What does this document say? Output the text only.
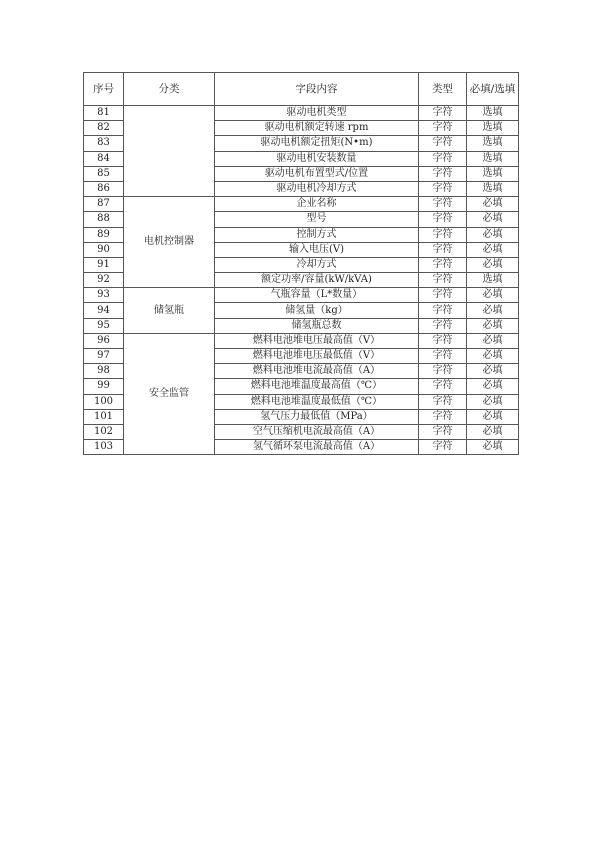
序号	分类	字段内容	类型	必填/选填
81		驱动电机类型	字符	选填
82		驱动电机额定转速 rpm	字符	选填
83		驱动电机额定扭矩(N•m)	字符	选填
84		驱动电机安装数量	字符	选填
85		驱动电机布置型式/位置	字符	选填
86		驱动电机冷却方式	字符	选填
87	电机控制器	企业名称	字符	必填
88		型号	字符	必填
89		控制方式	字符	必填
90		输入电压(V)	字符	必填
91		冷却方式	字符	必填
92		额定功率/容量(kW/kVA)	字符	选填
93	储氢瓶	气瓶容量（L*数量）	字符	必填
94		储氢量（kg）	字符	必填
95		储氢瓶总数	字符	必填
96	安全监管	燃料电池堆电压最高值（V）	字符	必填
97		燃料电池堆电压最低值（V）	字符	必填
98		燃料电池堆电流最高值（A）	字符	必填
99		燃料电池堆温度最高值（℃）	字符	必填
100		燃料电池堆温度最低值（℃）	字符	必填
101		氢气压力最低值（MPa）	字符	必填
102		空气压缩机电流最高值（A）	字符	必填
103		氢气循环泵电流最高值（A）	字符	必填
